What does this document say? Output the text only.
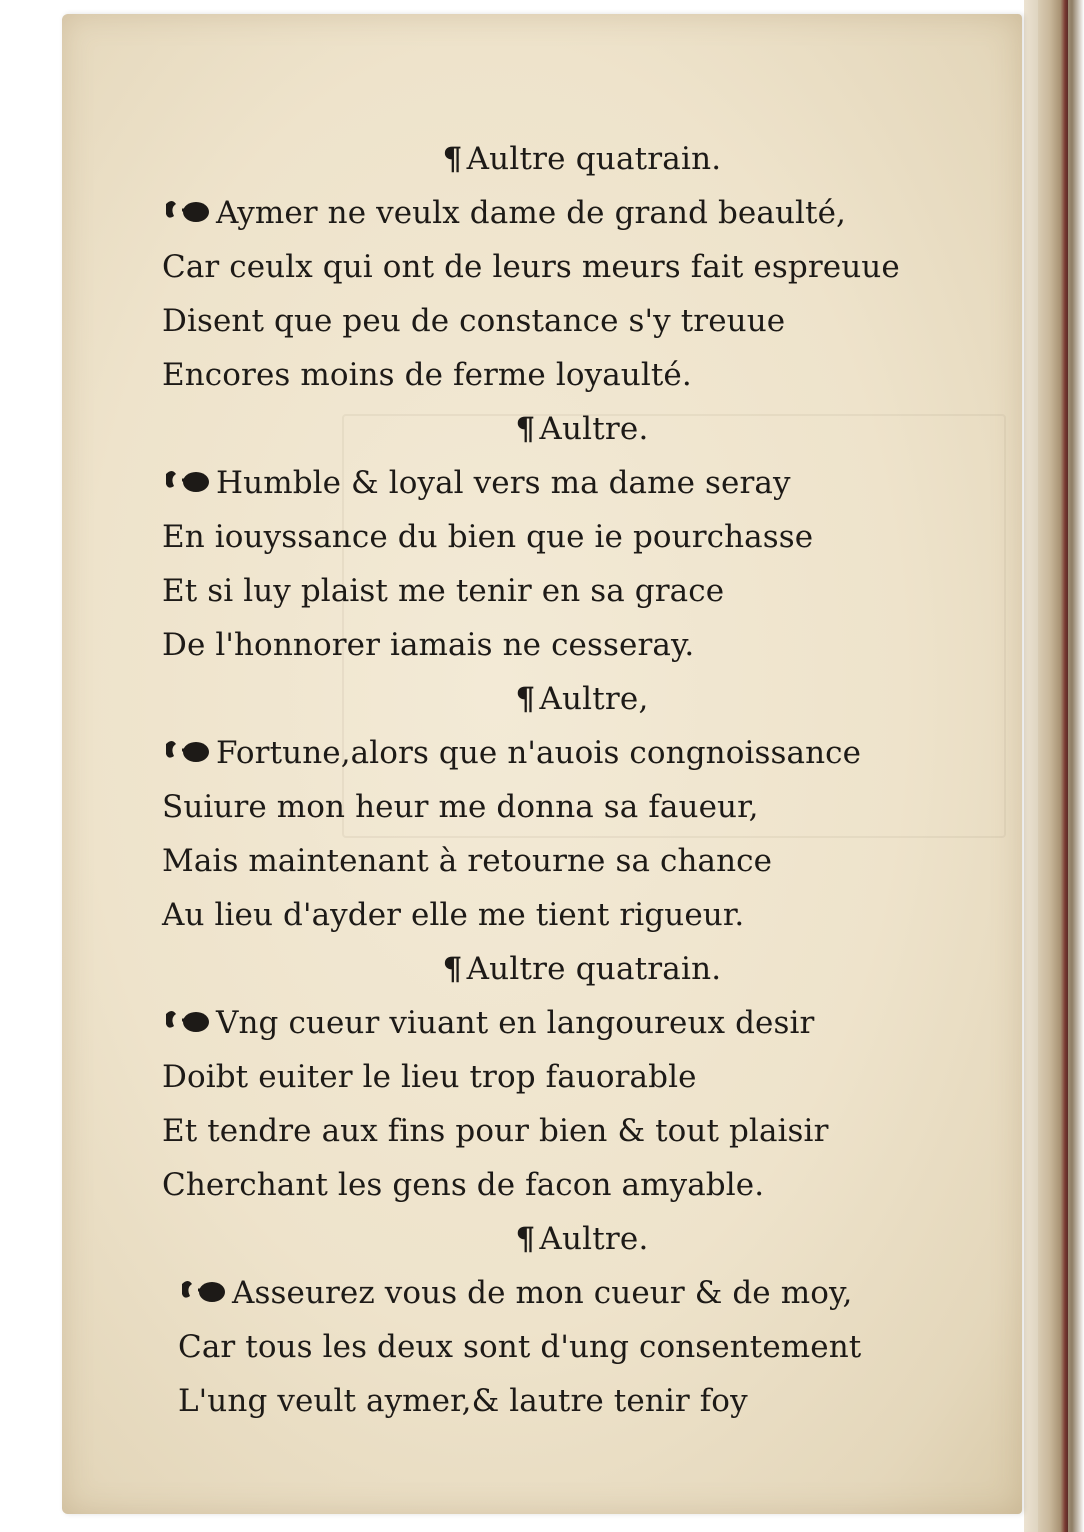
¶ Aultre quatrain.
Aymer ne veulx dame de grand beaulté,
Car ceulx qui ont de leurs meurs fait espreuue
Disent que peu de constance s'y treuue
Encores moins de ferme loyaulté.
¶ Aultre.
Humble & loyal vers ma dame seray
En iouyssance du bien que ie pourchasse
Et si luy plaist me tenir en sa grace
De l'honnorer iamais ne cesseray.
¶ Aultre,
Fortune,alors que n'auois congnoissance
Suiure mon heur me donna sa faueur,
Mais maintenant à retourne sa chance
Au lieu d'ayder elle me tient rigueur.
¶ Aultre quatrain.
Vng cueur viuant en langoureux desir
Doibt euiter le lieu trop fauorable
Et tendre aux fins pour bien & tout plaisir
Cherchant les gens de facon amyable.
¶ Aultre.
Asseurez vous de mon cueur & de moy,
Car tous les deux sont d'ung consentement
L'ung veult aymer,& lautre tenir foy
